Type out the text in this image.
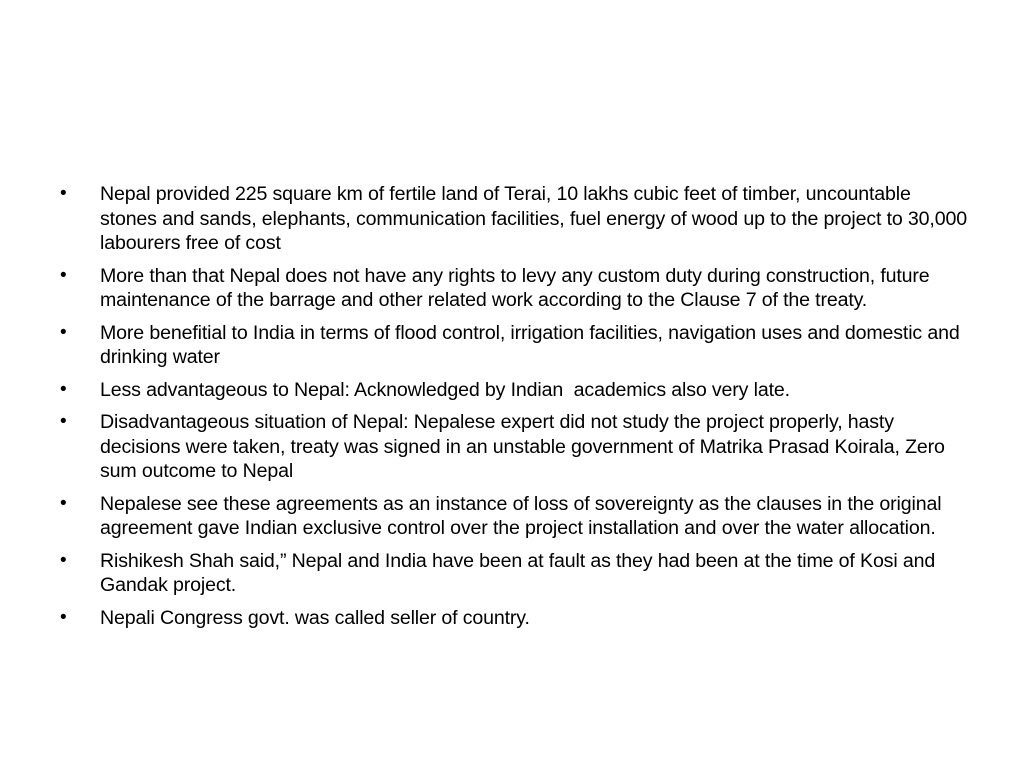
• Nepal provided 225 square km of fertile land of Terai, 10 lakhs cubic feet of timber, uncountable stones and sands, elephants, communication facilities, fuel energy of wood up to the project to 30,000 labourers free of cost
• More than that Nepal does not have any rights to levy any custom duty during construction, future maintenance of the barrage and other related work according to the Clause 7 of the treaty.
• More benefitial to India in terms of flood control, irrigation facilities, navigation uses and domestic and drinking water
• Less advantageous to Nepal: Acknowledged by Indian  academics also very late.
• Disadvantageous situation of Nepal: Nepalese expert did not study the project properly, hasty decisions were taken, treaty was signed in an unstable government of Matrika Prasad Koirala, Zero sum outcome to Nepal
• Nepalese see these agreements as an instance of loss of sovereignty as the clauses in the original agreement gave Indian exclusive control over the project installation and over the water allocation.
• Rishikesh Shah said,” Nepal and India have been at fault as they had been at the time of Kosi and Gandak project.
• Nepali Congress govt. was called seller of country.
